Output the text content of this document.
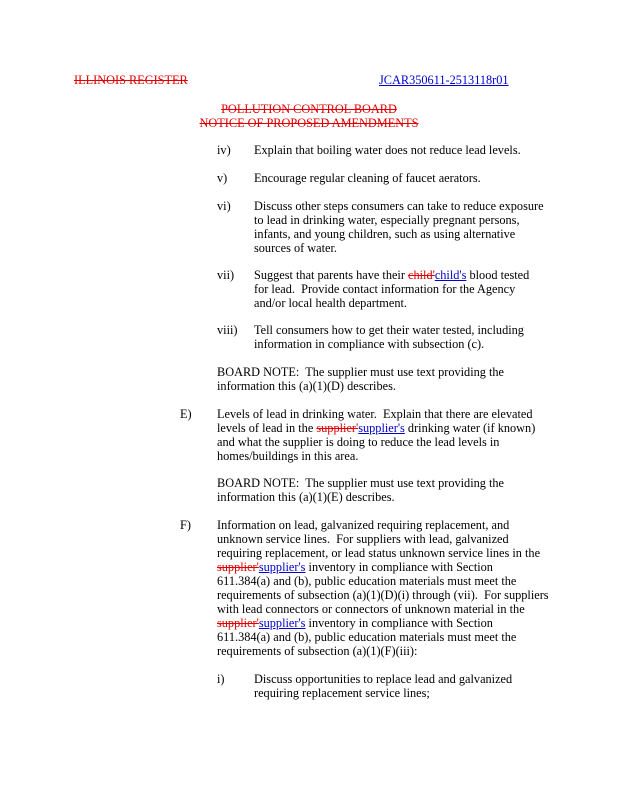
ILLINOIS REGISTER	JCAR350611-2513118r01
POLLUTION CONTROL BOARD
NOTICE OF PROPOSED AMENDMENTS
iv) Explain that boiling water does not reduce lead levels.
v) Encourage regular cleaning of faucet aerators.
vi) Discuss other steps consumers can take to reduce exposure
to lead in drinking water, especially pregnant persons,
infants, and young children, such as using alternative
sources of water.
vii) Suggest that parents have their child'child's blood tested
for lead.  Provide contact information for the Agency
and/or local health department.
viii) Tell consumers how to get their water tested, including
information in compliance with subsection (c).
BOARD NOTE:  The supplier must use text providing the
information this (a)(1)(D) describes.
E) Levels of lead in drinking water.  Explain that there are elevated
levels of lead in the supplier'supplier's drinking water (if known)
and what the supplier is doing to reduce the lead levels in
homes/buildings in this area.
BOARD NOTE:  The supplier must use text providing the
information this (a)(1)(E) describes.
F) Information on lead, galvanized requiring replacement, and
unknown service lines.  For suppliers with lead, galvanized
requiring replacement, or lead status unknown service lines in the
supplier'supplier's inventory in compliance with Section
611.384(a) and (b), public education materials must meet the
requirements of subsection (a)(1)(D)(i) through (vii).  For suppliers
with lead connectors or connectors of unknown material in the
supplier'supplier's inventory in compliance with Section
611.384(a) and (b), public education materials must meet the
requirements of subsection (a)(1)(F)(iii):
i) Discuss opportunities to replace lead and galvanized
requiring replacement service lines;
